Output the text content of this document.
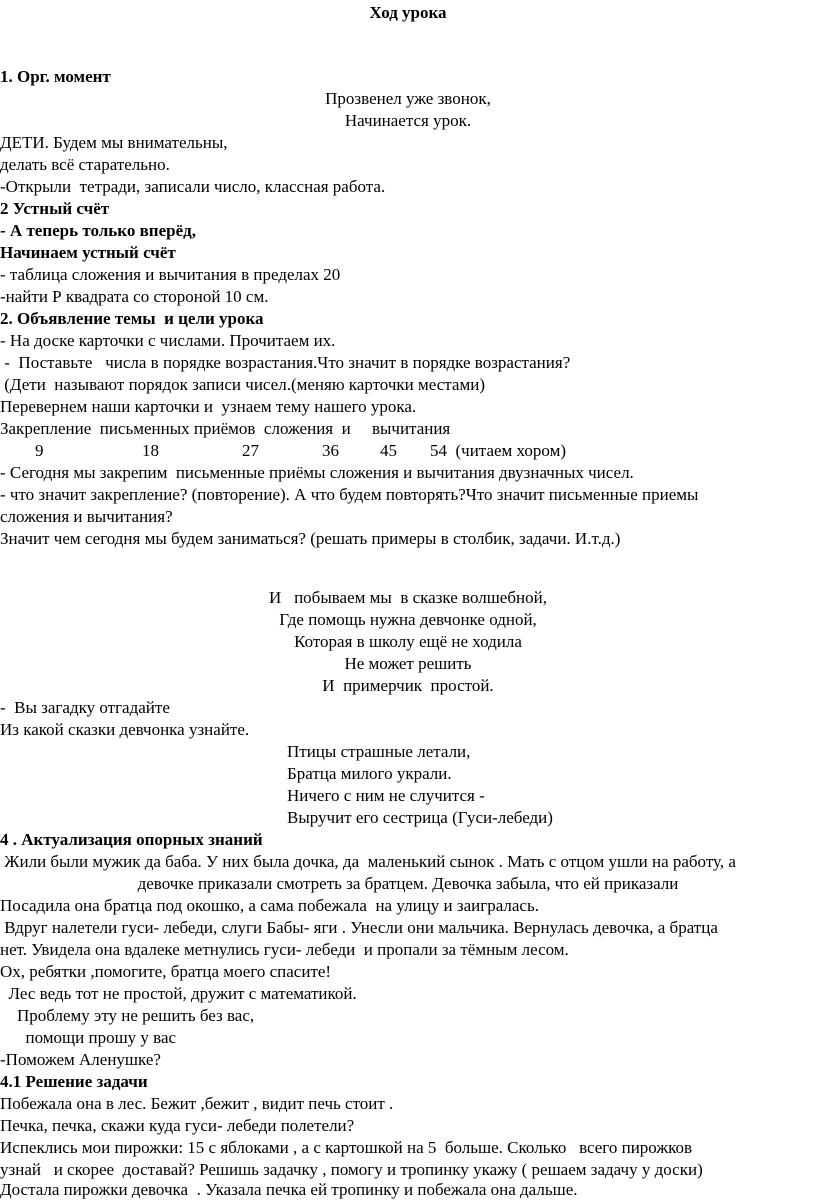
Ход урока
1. Орг. момент
Прозвенел уже звонок,
Начинается урок.
ДЕТИ. Будем мы внимательны,
делать всё старательно.
-Открыли  тетради, записали число, классная работа.
2 Устный счёт
- А теперь только вперёд,
Начинаем устный счёт
- таблица сложения и вычитания в пределах 20
-найти Р квадрата со стороной 10 см.
2. Объявление темы  и цели урока
- На доске карточки с числами. Прочитаем их.
-  Поставьте   числа в порядке возрастания.Что значит в порядке возрастания?
(Дети  называют порядок записи чисел.(меняю карточки местами)
Перевернем наши карточки и  узнаем тему нашего урока.
Закрепление  письменных приёмов  сложения  и     вычитания
9	18	27	36 45 54  (читаем хором)
- Сегодня мы закрепим  письменные приёмы сложения и вычитания двузначных чисел.
- что значит закрепление? (повторение). А что будем повторять?Что значит письменные приемы
сложения и вычитания?
Значит чем сегодня мы будем заниматься? (решать примеры в столбик, задачи. И.т.д.)
И   побываем мы  в сказке волшебной,
Где помощь нужна девчонке одной,
Которая в школу ещё не ходила
Не может решить
И  примерчик  простой.
-  Вы загадку отгадайте
Из какой сказки девчонка узнайте.
Птицы страшные летали,
Братца милого украли.
Ничего с ним не случится -
Выручит его сестрица (Гуси-лебеди)
4 . Актуализация опорных знаний
Жили были мужик да баба. У них была дочка, да  маленький сынок . Мать с отцом ушли на работу, а
девочке приказали смотреть за братцем. Девочка забыла, что ей приказали
Посадила она братца под окошко, а сама побежала  на улицу и заигралась.
Вдруг налетели гуси- лебеди, слуги Бабы- яги . Унесли они мальчика. Вернулась девочка, а братца
нет. Увидела она вдалеке метнулись гуси- лебеди  и пропали за тёмным лесом.
Ох, ребятки ,помогите, братца моего спасите!
Лес ведь тот не простой, дружит с математикой.
Проблему эту не решить без вас,
помощи прошу у вас
-Поможем Аленушке?
4.1 Решение задачи
Побежала она в лес. Бежит ,бежит , видит печь стоит .
Печка, печка, скажи куда гуси- лебеди полетели?
Испеклись мои пирожки: 15 с яблоками , а с картошкой на 5  больше. Сколько   всего пирожков
узнай   и скорее  доставай? Решишь задачку , помогу и тропинку укажу ( решаем задачу у доски)
Достала пирожки девочка  . Указала печка ей тропинку и побежала она дальше.
